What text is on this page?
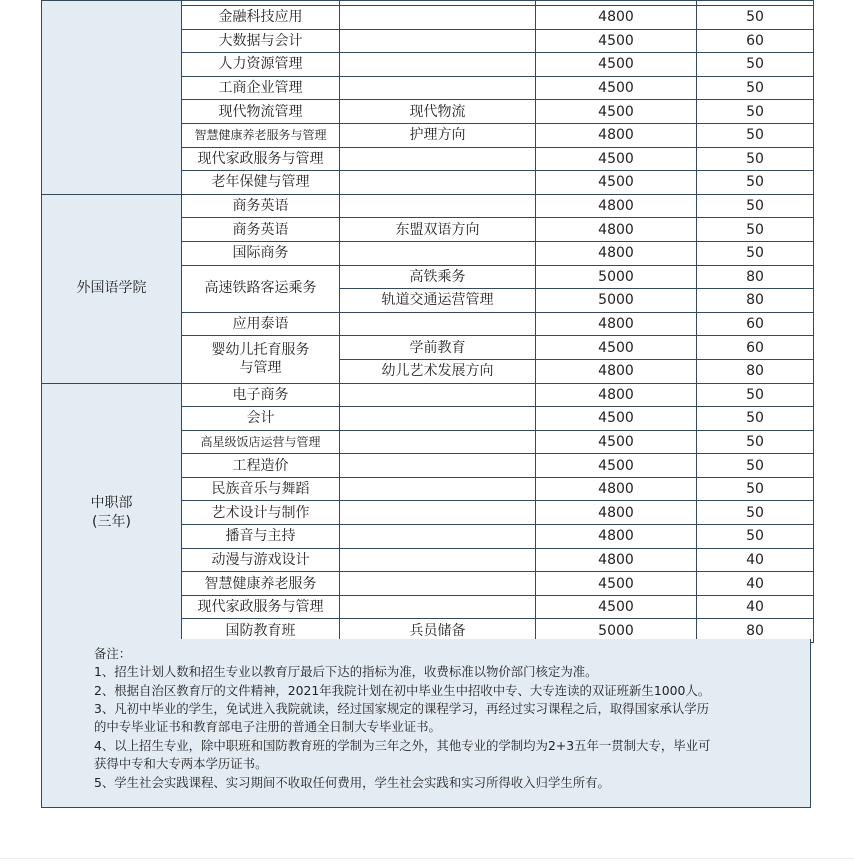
	金融科技应用		4800	50
	大数据与会计		4500	60
	人力资源管理		4500	50
	工商企业管理		4500	50
	现代物流管理	现代物流	4500	50
	智慧健康养老服务与管理	护理方向	4800	50
	现代家政服务与管理		4500	50
	老年保健与管理		4500	50
外国语学院	商务英语		4800	50
	商务英语	东盟双语方向	4800	50
	国际商务		4800	50
	高速铁路客运乘务	高铁乘务	5000	80
		轨道交通运营管理	5000	80
	应用泰语		4800	60
	婴幼儿托育服务
与管理	学前教育	4500	60
		幼儿艺术发展方向	4800	80
中职部
(三年)	电子商务		4800	50
	会计		4500	50
	高星级饭店运营与管理		4500	50
	工程造价		4500	50
	民族音乐与舞蹈		4800	50
	艺术设计与制作		4800	50
	播音与主持		4800	50
	动漫与游戏设计		4800	40
	智慧健康养老服务		4500	40
	现代家政服务与管理		4500	40
	国防教育班	兵员储备	5000	80
备注：
1、招生计划人数和招生专业以教育厅最后下达的指标为准，收费标准以物价部门核定为准。
2、根据自治区教育厅的文件精神，2021年我院计划在初中毕业生中招收中专、大专连读的双证班新生1000人。
3、凡初中毕业的学生，免试进入我院就读，经过国家规定的课程学习，再经过实习课程之后，取得国家承认学历
的中专毕业证书和教育部电子注册的普通全日制大专毕业证书。
4、以上招生专业，除中职班和国防教育班的学制为三年之外，其他专业的学制均为2+3五年一贯制大专，毕业可
获得中专和大专两本学历证书。
5、学生社会实践课程、实习期间不收取任何费用，学生社会实践和实习所得收入归学生所有。
